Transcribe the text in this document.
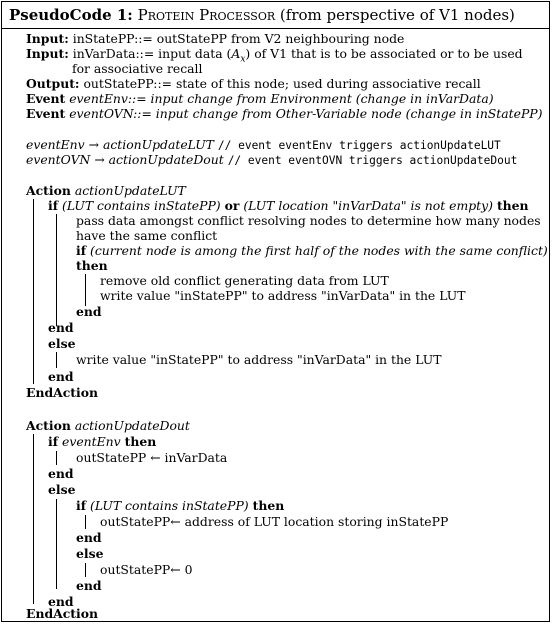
PseudoCode 1: Protein Processor (from perspective of V1 nodes)
Input: inStatePP::= outStatePP from V2 neighbouring node
Input: inVarData::= input data $(A_x)$ of V1 that is to be associated or to be used
for associative recall
Output: outStatePP::= state of this node; used during associative recall
Event eventEnv::= input change from Environment (change in inVarData)
Event eventOVN::= input change from Other-Variable node (change in inStatePP)
eventEnv → actionUpdateLUT // event eventEnv triggers actionUpdateLUT
eventOVN → actionUpdateDout // event eventOVN triggers actionUpdateDout
Action actionUpdateLUT
if (LUT contains inStatePP) or (LUT location "inVarData" is not empty) then
pass data amongst conflict resolving nodes to determine how many nodes
have the same conflict
if (current node is among the first half of the nodes with the same conflict)
then
remove old conflict generating data from LUT
write value "inStatePP" to address "inVarData" in the LUT
end
end
else
write value "inStatePP" to address "inVarData" in the LUT
end
EndAction
Action actionUpdateDout
if eventEnv then
outStatePP ← inVarData
end
else
if (LUT contains inStatePP) then
outStatePP← address of LUT location storing inStatePP
end
else
outStatePP← 0
end
end
EndAction
